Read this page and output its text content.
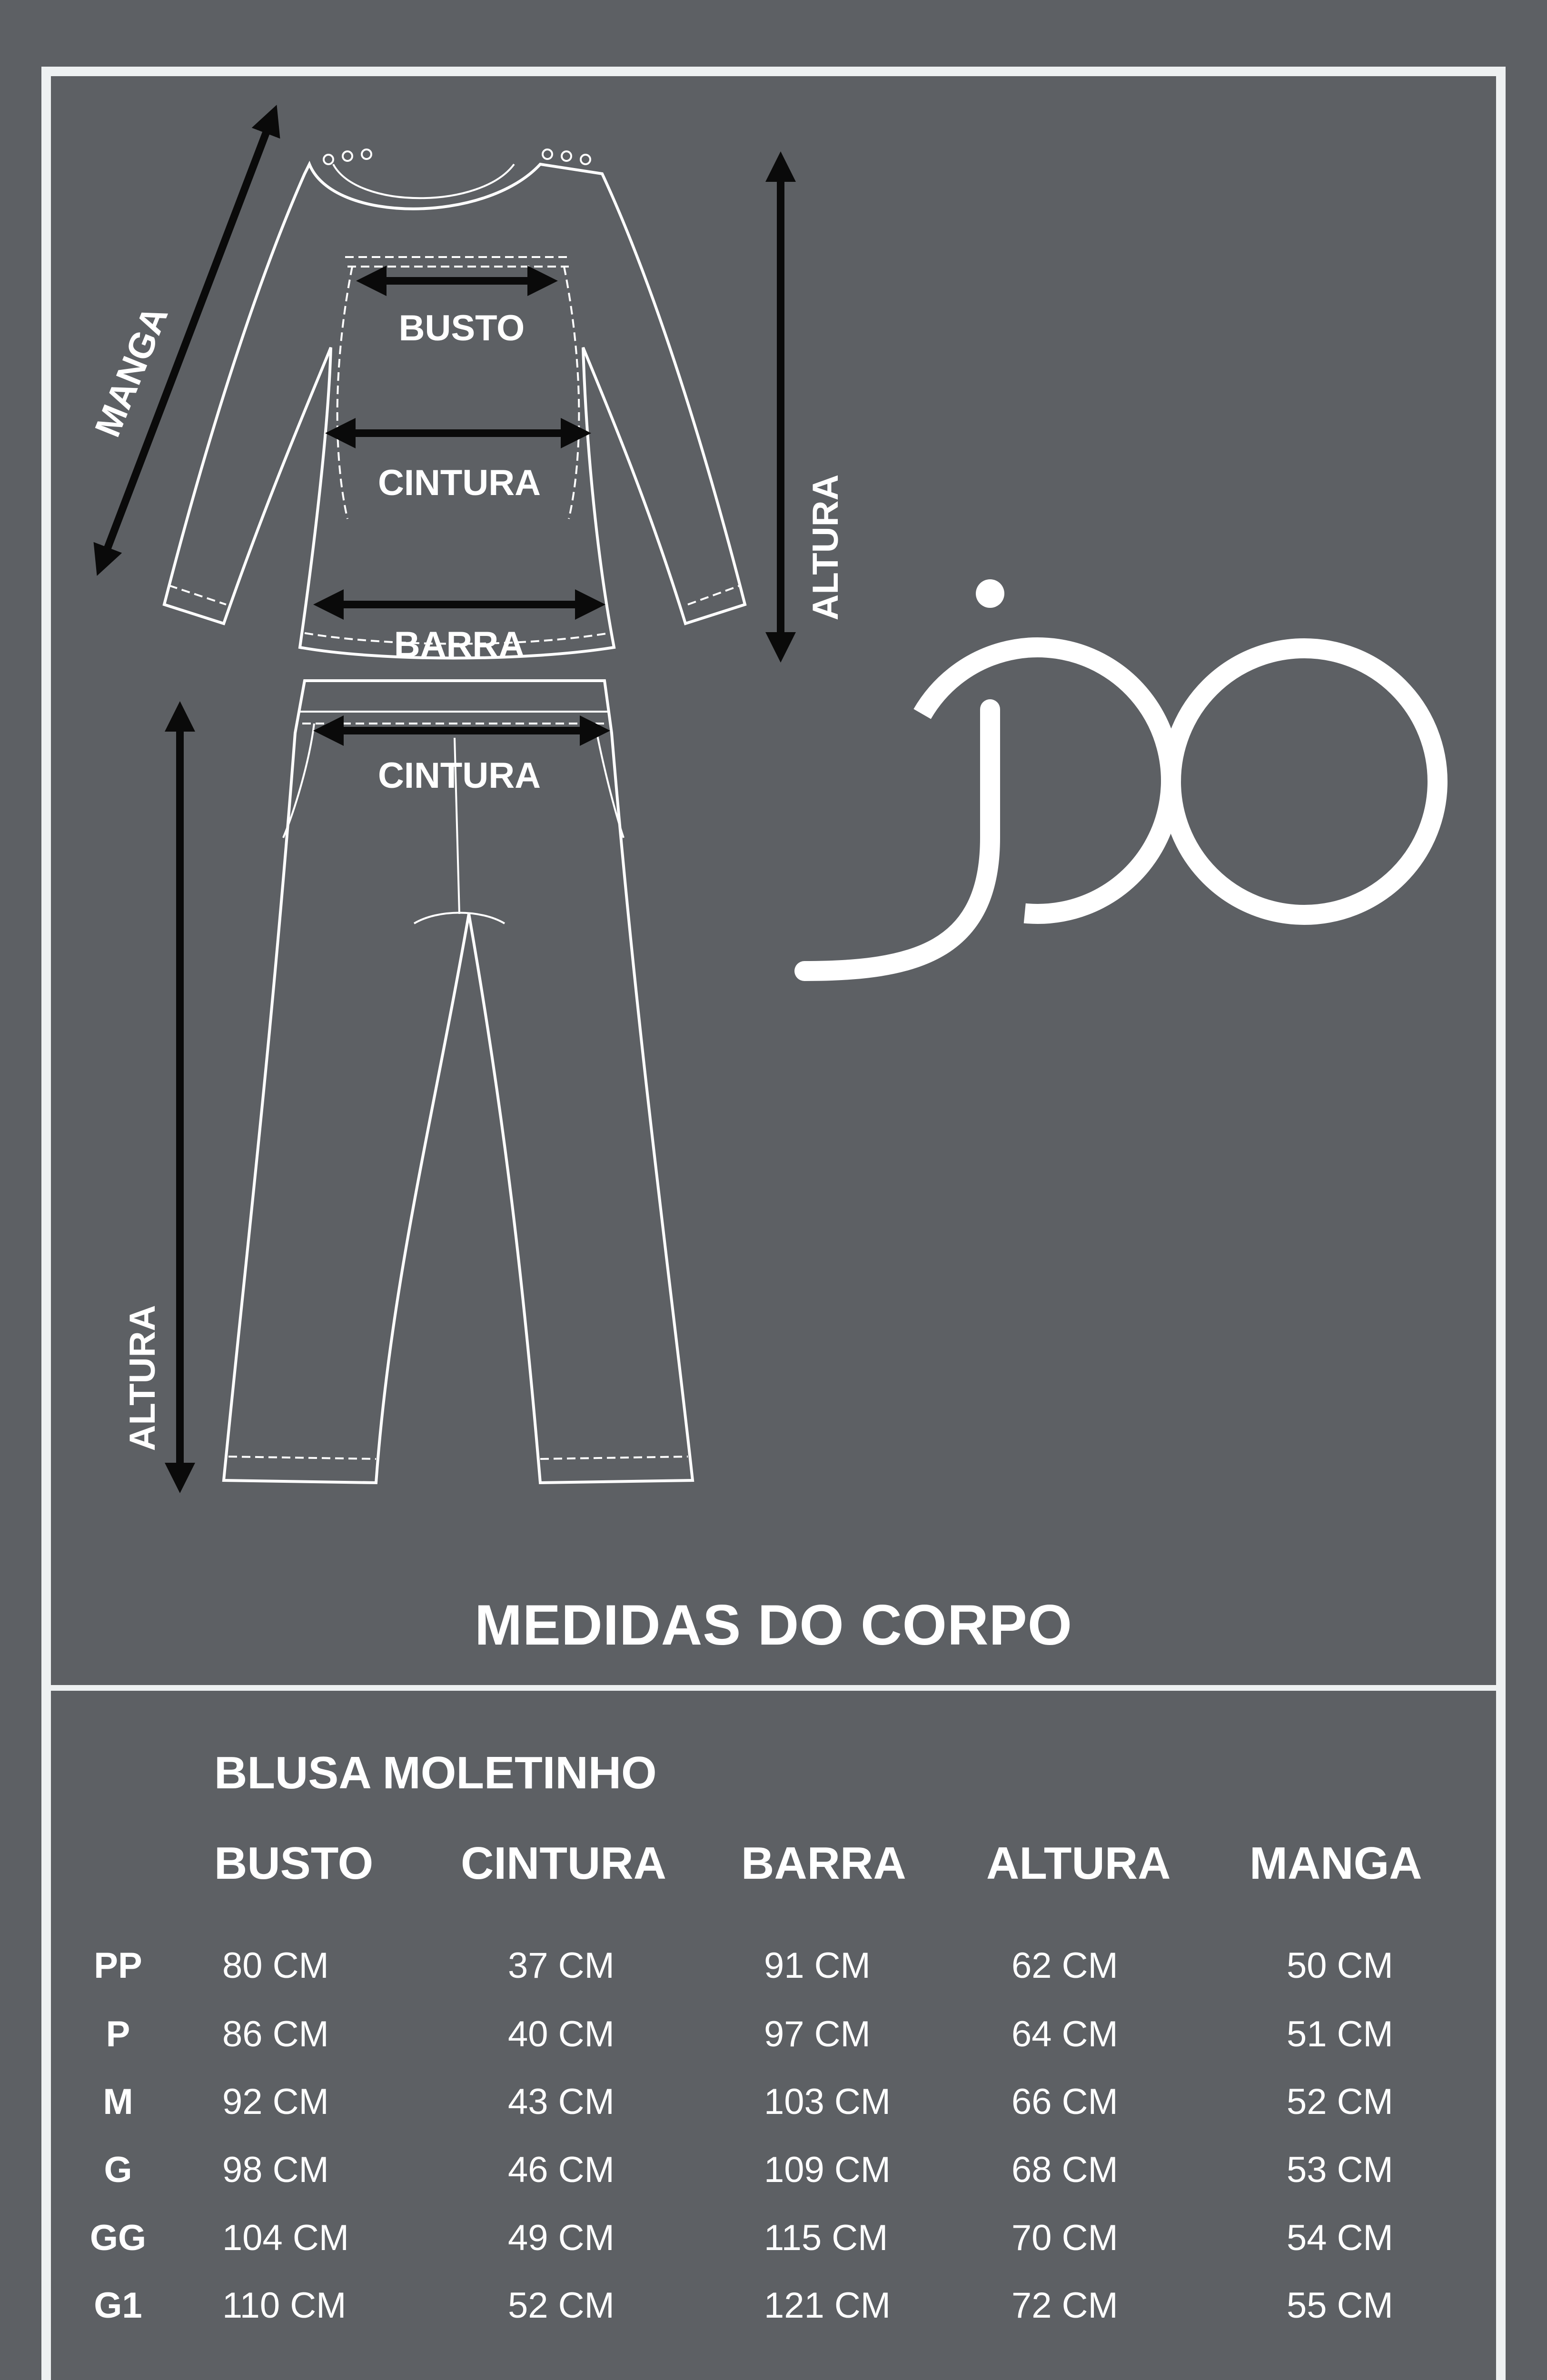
MANGA	BUSTO
CINTURA
BARRA
ALTURA
CINTURA
ALTURA
MEDIDAS DO CORPO
BLUSA MOLETINHO
BUSTO CINTURA BARRA ALTURA MANGA
PP	80 CM	37 CM	91 CM	62 CM	50 CM
P	86 CM	40 CM	97 CM	64 CM	51 CM
M	92 CM	43 CM	103 CM	66 CM	52 CM
G	98 CM	46 CM	109 CM	68 CM	53 CM
GG	104 CM	49 CM	115 CM	70 CM	54 CM
G1	110 CM	52 CM	121 CM	72 CM	55 CM
